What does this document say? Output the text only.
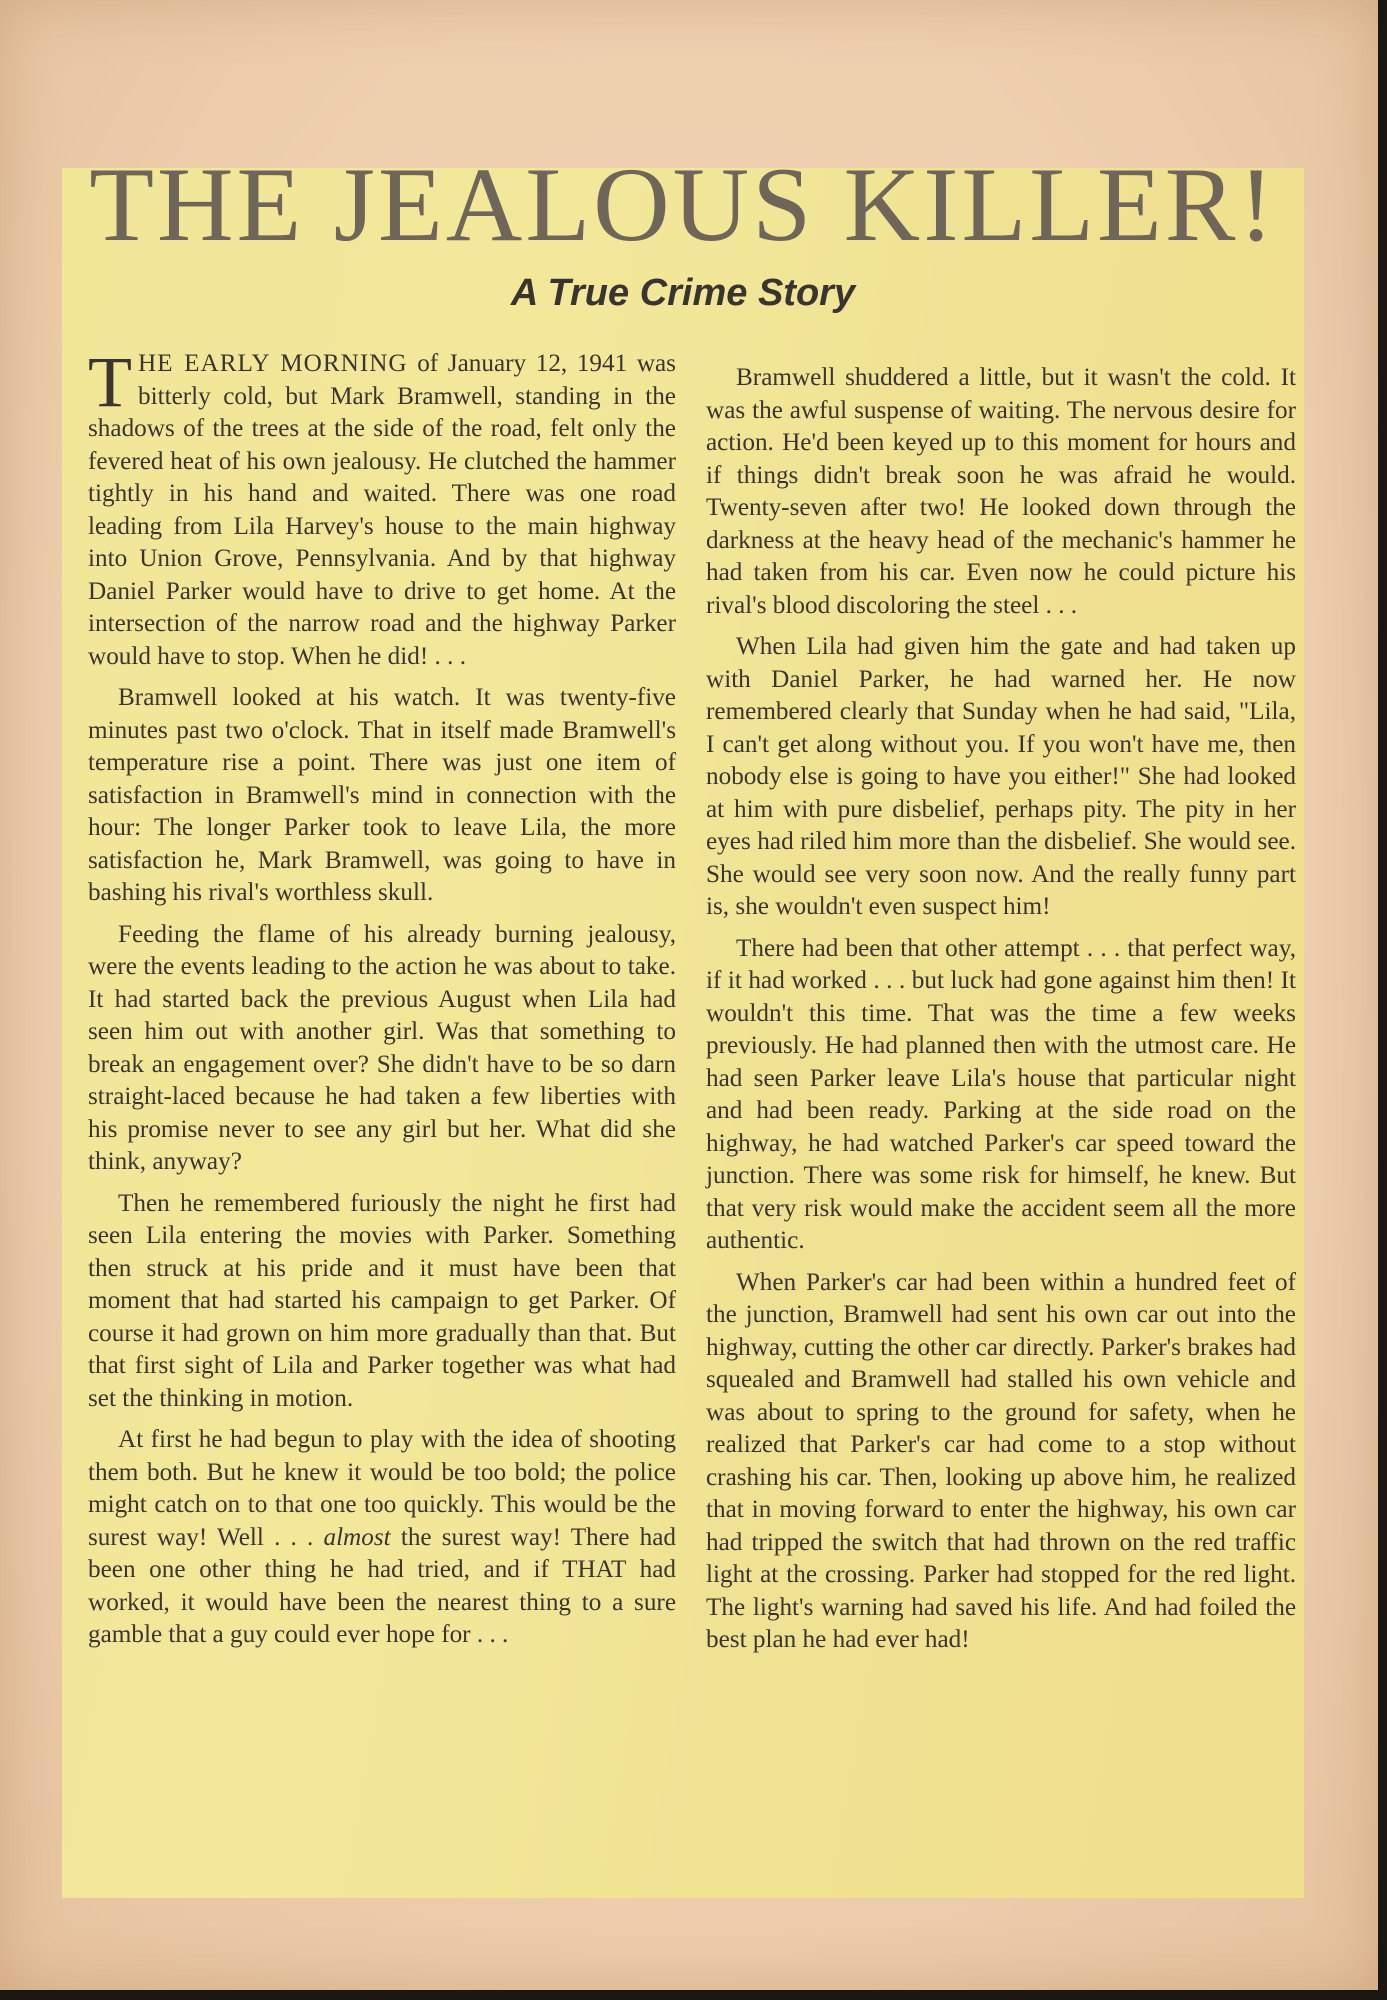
THE JEALOUS KILLER!
A True Crime Story

THE EARLY MORNING of January 12, 1941 was bitterly cold, but Mark Bramwell, standing in the shadows of the trees at the side of the road, felt only the fevered heat of his own jealousy. He clutched the hammer tightly in his hand and waited. There was one road leading from Lila Harvey's house to the main highway into Union Grove, Pennsylvania. And by that highway Daniel Parker would have to drive to get home. At the intersection of the narrow road and the highway Parker would have to stop. When he did! . . .

Bramwell looked at his watch. It was twenty-five minutes past two o'clock. That in itself made Bramwell's temperature rise a point. There was just one item of satisfaction in Bramwell's mind in connection with the hour: The longer Parker took to leave Lila, the more satisfaction he, Mark Bramwell, was going to have in bashing his rival's worthless skull.

Feeding the flame of his already burning jealousy, were the events leading to the action he was about to take. It had started back the previous August when Lila had seen him out with another girl. Was that something to break an engagement over? She didn't have to be so darn straight-laced because he had taken a few liberties with his promise never to see any girl but her. What did she think, anyway?

Then he remembered furiously the night he first had seen Lila entering the movies with Parker. Something then struck at his pride and it must have been that moment that had started his campaign to get Parker. Of course it had grown on him more gradually than that. But that first sight of Lila and Parker together was what had set the thinking in motion.

At first he had begun to play with the idea of shooting them both. But he knew it would be too bold; the police might catch on to that one too quickly. This would be the surest way! Well . . . almost the surest way! There had been one other thing he had tried, and if THAT had worked, it would have been the nearest thing to a sure gamble that a guy could ever hope for . . .

Bramwell shuddered a little, but it wasn't the cold. It was the awful suspense of waiting. The nervous desire for action. He'd been keyed up to this moment for hours and if things didn't break soon he was afraid he would. Twenty-seven after two! He looked down through the darkness at the heavy head of the mechanic's hammer he had taken from his car. Even now he could picture his rival's blood discoloring the steel . . .

When Lila had given him the gate and had taken up with Daniel Parker, he had warned her. He now remembered clearly that Sunday when he had said, "Lila, I can't get along without you. If you won't have me, then nobody else is going to have you either!" She had looked at him with pure disbelief, perhaps pity. The pity in her eyes had riled him more than the disbelief. She would see. She would see very soon now. And the really funny part is, she wouldn't even suspect him!

There had been that other attempt . . . that perfect way, if it had worked . . . but luck had gone against him then! It wouldn't this time. That was the time a few weeks previously. He had planned then with the utmost care. He had seen Parker leave Lila's house that particular night and had been ready. Parking at the side road on the highway, he had watched Parker's car speed toward the junction. There was some risk for himself, he knew. But that very risk would make the accident seem all the more authentic.

When Parker's car had been within a hundred feet of the junction, Bramwell had sent his own car out into the highway, cutting the other car directly. Parker's brakes had squealed and Bramwell had stalled his own vehicle and was about to spring to the ground for safety, when he realized that Parker's car had come to a stop without crashing his car. Then, looking up above him, he realized that in moving forward to enter the highway, his own car had tripped the switch that had thrown on the red traffic light at the crossing. Parker had stopped for the red light. The light's warning had saved his life. And had foiled the best plan he had ever had!
